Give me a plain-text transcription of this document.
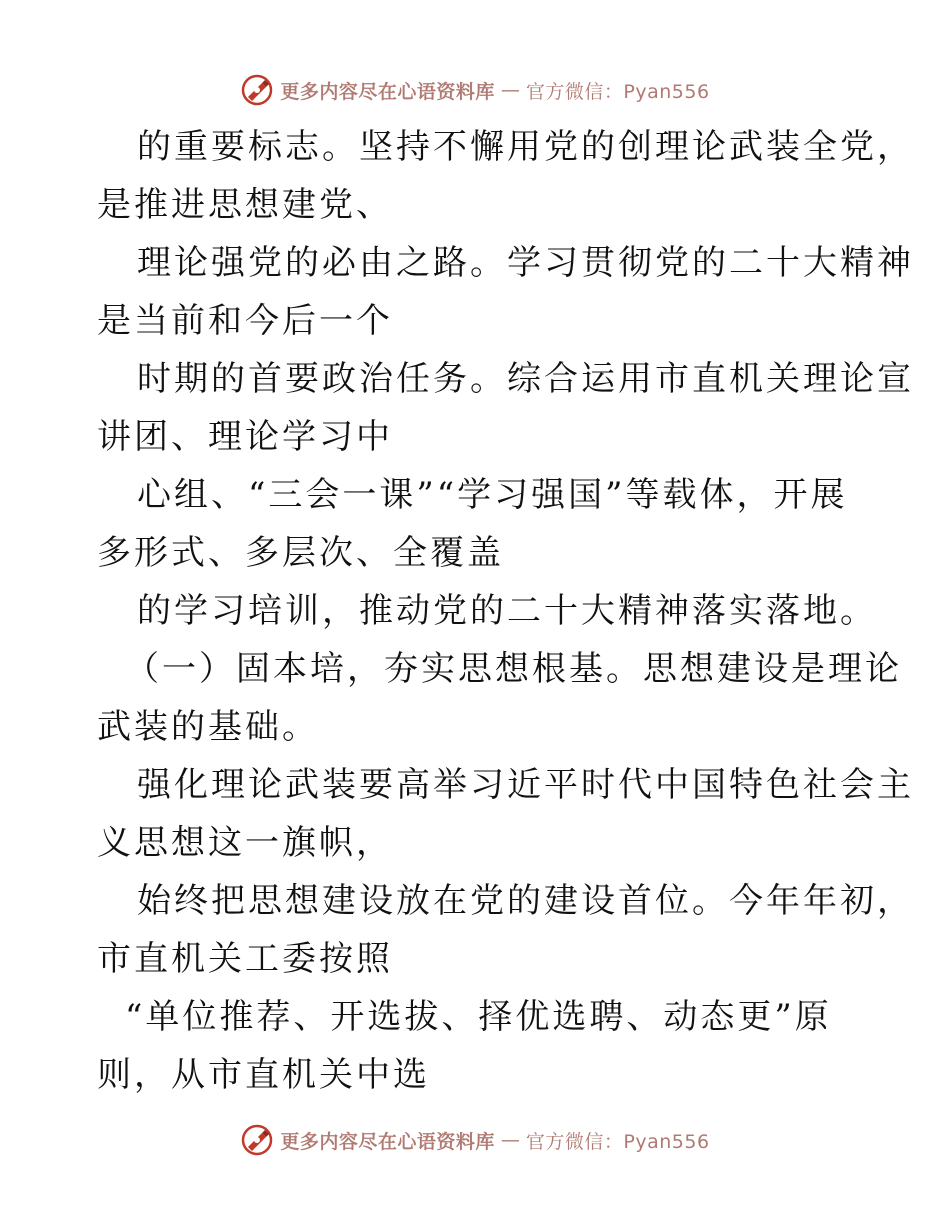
更多内容尽在心语资料库 — 官方微信：Pyan556
的重要标志。坚持不懈用党的创理论武装全党，
是推进思想建党、
理论强党的必由之路。学习贯彻党的二十大精神
是当前和今后一个
时期的首要政治任务。综合运用市直机关理论宣
讲团、理论学习中
心组、“三会一课”“学习强国”等载体，开展
多形式、多层次、全覆盖
的学习培训，推动党的二十大精神落实落地。
（一）固本培，夯实思想根基。思想建设是理论
武装的基础。
强化理论武装要高举习近平时代中国特色社会主
义思想这一旗帜，
始终把思想建设放在党的建设首位。今年年初，
市直机关工委按照
“单位推荐、开选拔、择优选聘、动态更”原
则，从市直机关中选
更多内容尽在心语资料库 — 官方微信：Pyan556
